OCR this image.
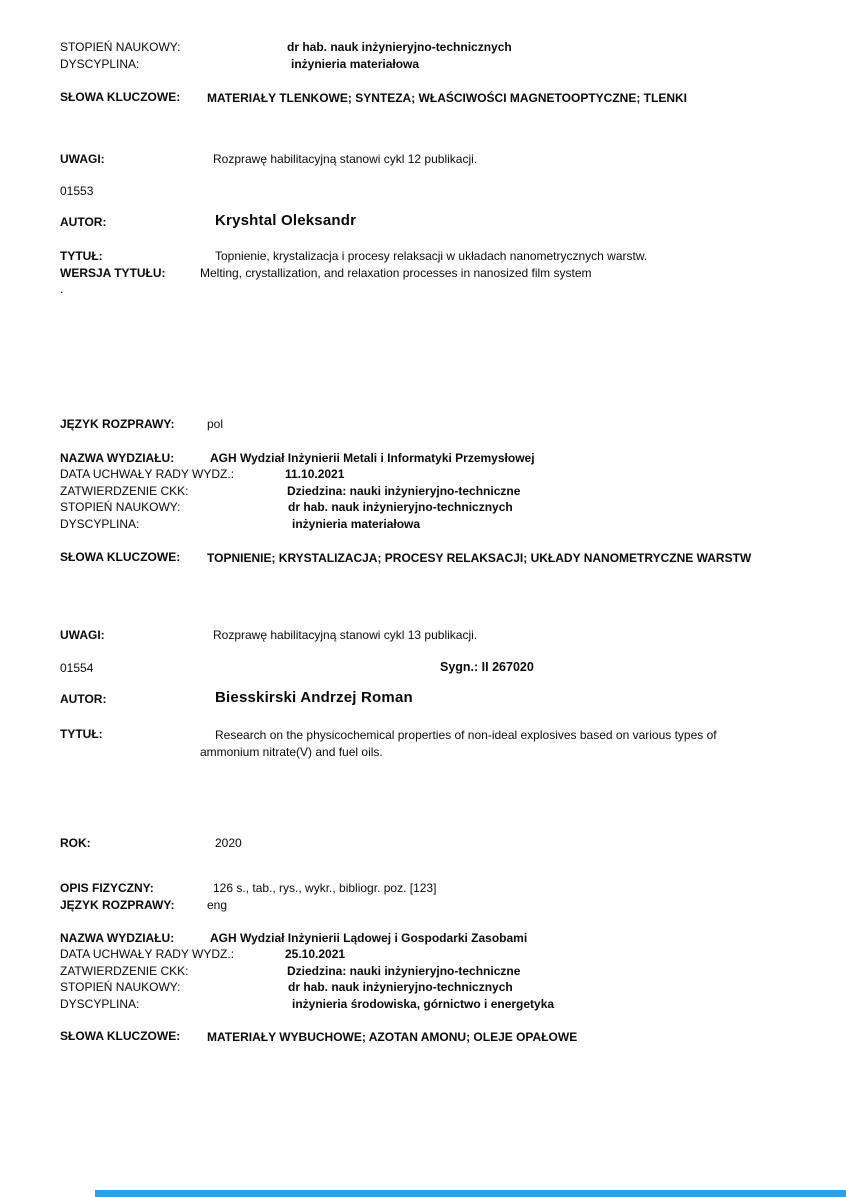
STOPIEŃ NAUKOWY:	dr hab. nauk inżynieryjno-technicznych
DYSCYPLINA:	inżynieria materiałowa
SŁOWA KLUCZOWE:	MATERIAŁY TLENKOWE; SYNTEZA; WŁAŚCIWOŚCI MAGNETOOPTYCZNE; TLENKI
UWAGI:	Rozprawę habilitacyjną stanowi cykl 12 publikacji.
01553
AUTOR:	Kryshtal Oleksandr
TYTUŁ:	Topnienie, krystalizacja i procesy relaksacji w układach nanometrycznych warstw.
WERSJA TYTUŁU:	Melting, crystallization, and relaxation processes in nanosized film system
.
JĘZYK ROZPRAWY:	pol
NAZWA WYDZIAŁU:	AGH Wydział Inżynierii Metali i Informatyki Przemysłowej
DATA UCHWAŁY RADY WYDZ.:	11.10.2021
ZATWIERDZENIE CKK:	Dziedzina: nauki inżynieryjno-techniczne
STOPIEŃ NAUKOWY:	dr hab. nauk inżynieryjno-technicznych
DYSCYPLINA:	inżynieria materiałowa
SŁOWA KLUCZOWE:	TOPNIENIE; KRYSTALIZACJA; PROCESY RELAKSACJI; UKŁADY NANOMETRYCZNE WARSTW
UWAGI:	Rozprawę habilitacyjną stanowi cykl 13 publikacji.
01554	Sygn.: II 267020
AUTOR:	Biesskirski Andrzej Roman
TYTUŁ:	Research on the physicochemical properties of non-ideal explosives based on various types of ammonium nitrate(V) and fuel oils.
ROK:	2020
OPIS FIZYCZNY:	126 s., tab., rys., wykr., bibliogr. poz. [123]
JĘZYK ROZPRAWY:	eng
NAZWA WYDZIAŁU:	AGH Wydział Inżynierii Lądowej i Gospodarki Zasobami
DATA UCHWAŁY RADY WYDZ.:	25.10.2021
ZATWIERDZENIE CKK:	Dziedzina: nauki inżynieryjno-techniczne
STOPIEŃ NAUKOWY:	dr hab. nauk inżynieryjno-technicznych
DYSCYPLINA:	inżynieria środowiska, górnictwo i energetyka
SŁOWA KLUCZOWE:	MATERIAŁY WYBUCHOWE; AZOTAN AMONU; OLEJE OPAŁOWE
